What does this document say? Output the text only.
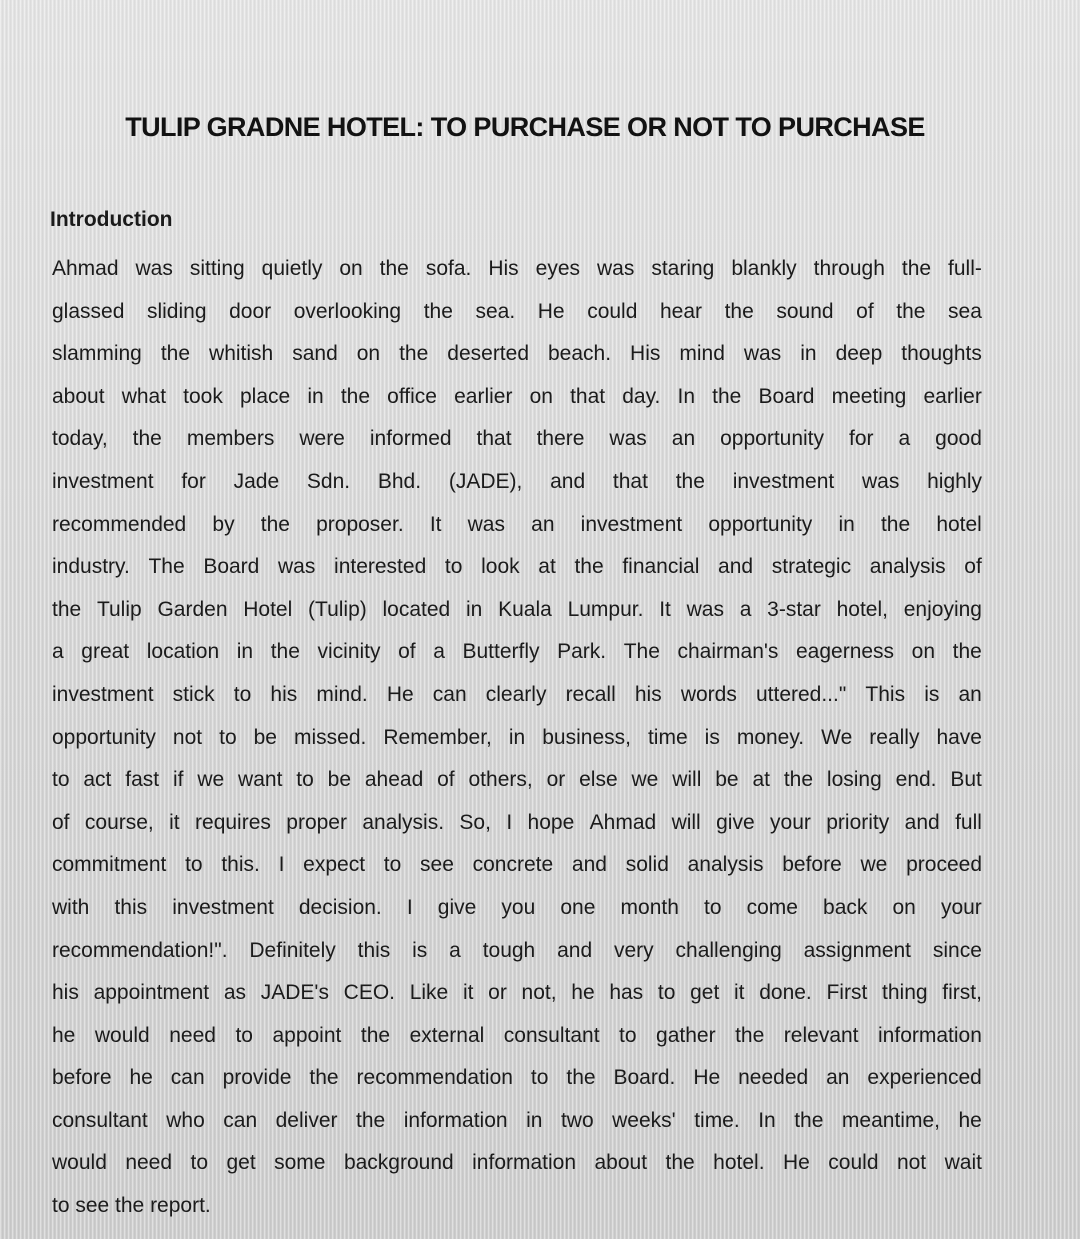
TULIP GRADNE HOTEL: TO PURCHASE OR NOT TO PURCHASE
Introduction
Ahmad was sitting quietly on the sofa. His eyes was staring blankly through the full-
glassed sliding door overlooking the sea. He could hear the sound of the sea
slamming the whitish sand on the deserted beach. His mind was in deep thoughts
about what took place in the office earlier on that day. In the Board meeting earlier
today, the members were informed that there was an opportunity for a good
investment for Jade Sdn. Bhd. (JADE), and that the investment was highly
recommended by the proposer. It was an investment opportunity in the hotel
industry. The Board was interested to look at the financial and strategic analysis of
the Tulip Garden Hotel (Tulip) located in Kuala Lumpur. It was a 3-star hotel, enjoying
a great location in the vicinity of a Butterfly Park. The chairman's eagerness on the
investment stick to his mind. He can clearly recall his words uttered..." This is an
opportunity not to be missed. Remember, in business, time is money. We really have
to act fast if we want to be ahead of others, or else we will be at the losing end. But
of course, it requires proper analysis. So, I hope Ahmad will give your priority and full
commitment to this. I expect to see concrete and solid analysis before we proceed
with this investment decision. I give you one month to come back on your
recommendation!". Definitely this is a tough and very challenging assignment since
his appointment as JADE's CEO. Like it or not, he has to get it done. First thing first,
he would need to appoint the external consultant to gather the relevant information
before he can provide the recommendation to the Board. He needed an experienced
consultant who can deliver the information in two weeks' time. In the meantime, he
would need to get some background information about the hotel. He could not wait
to see the report.
